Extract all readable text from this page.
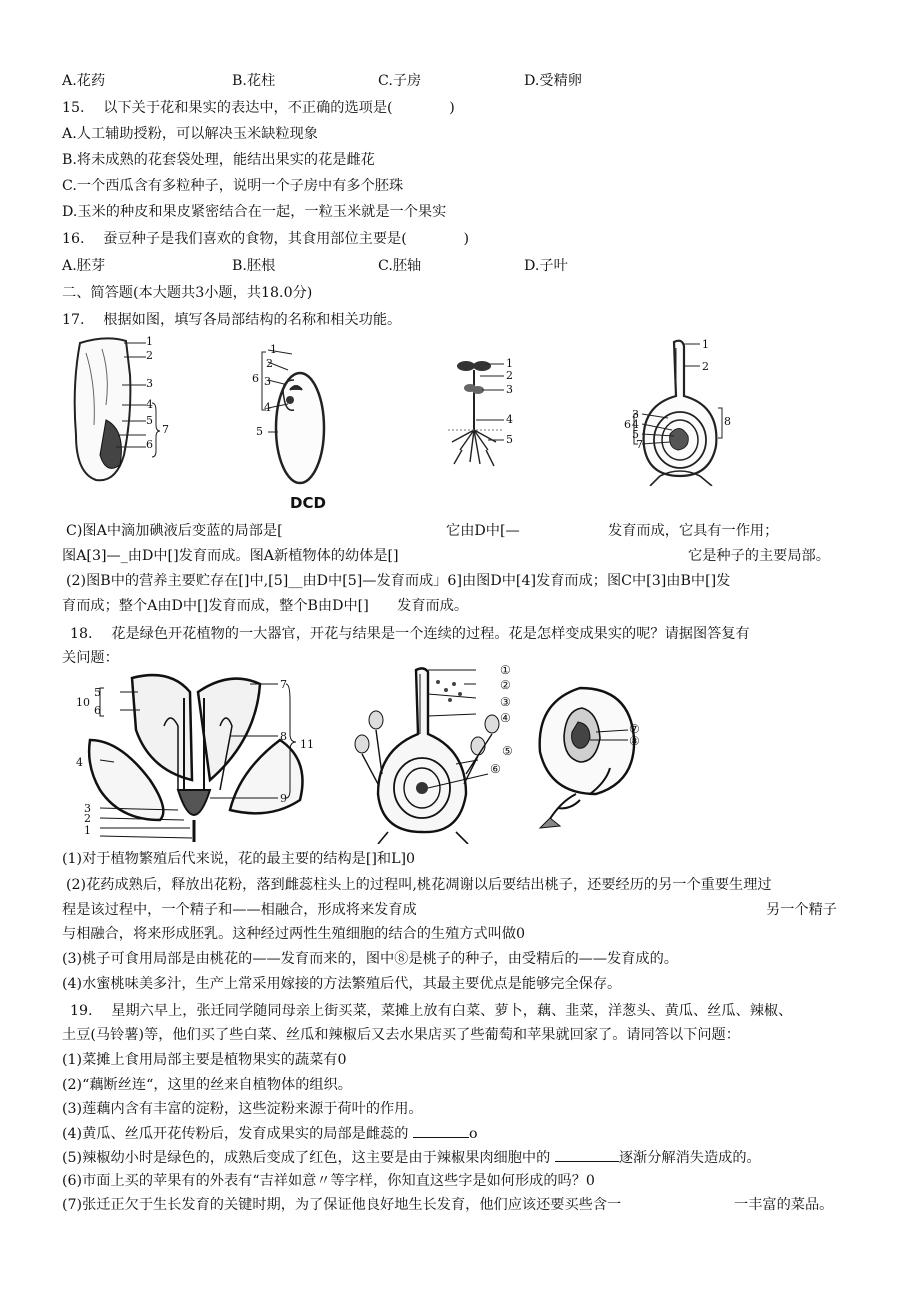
A.花药	B.花柱	C.子房	D.受精卵
15.　 以下关于花和果实的表达中，不正确的选项是(　　　　)
A.人工辅助授粉，可以解决玉米缺粒现象
B.将未成熟的花套袋处理，能结出果实的花是雌花
C.一个西瓜含有多粒种子，说明一个子房中有多个胚珠
D.玉米的种皮和果皮紧密结合在一起，一粒玉米就是一个果实
16.　 蚕豆种子是我们喜欢的食物，其食用部位主要是(　　　　)
A.胚芽	B.胚根	C.胚轴	D.子叶
二、简答题(本大题共3小题，共18.0分)
17.　 根据如图，填写各局部结构的名称和相关功能。
1
2
3
4
5
6
7
1
2
3
4
5
6
1
2
3
4
5
1
2
3
4
5
6
7
8
DCD
C)图A中滴加碘液后变蓝的局部是[	它由D中[—	发育而成，它具有一作用；
图A[3]—_由D中[]发育而成。图A新植物体的幼体是[]	它是种子的主要局部。
(2)图B中的营养主要贮存在[]中,[5]__由D中[5]—发育而成」6]由图D中[4]发育而成；图C中[3]由B中[]发
育而成；整个A由D中[]发育而成，整个B由D中[]　　发育而成。
18.　 花是绿色开花植物的一大器官，开花与结果是一个连续的过程。花是怎样变成果实的呢？请据图答复有
关问题：
5
6
10
4
3
2
1
7
8
9
11
①
②
③
④
⑤
⑥
⑦
⑧
(1)对于植物繁殖后代来说，花的最主要的结构是[]和L]0
(2)花药成熟后，释放出花粉，落到雌蕊柱头上的过程叫,桃花凋谢以后要结出桃子，还要经历的另一个重要生理过
程是该过程中，一个精子和——相融合，形成将来发育成	另一个精子
与相融合，将来形成胚乳。这种经过两性生殖细胞的结合的生殖方式叫做0
(3)桃子可食用局部是由桃花的——发育而来的，图中⑧是桃子的种子，由受精后的——发育成的。
(4)水蜜桃味美多汁，生产上常采用嫁接的方法繁殖后代，其最主要优点是能够完全保存。
19.　 星期六早上，张迁同学随同母亲上街买菜，菜摊上放有白菜、萝卜，藕、韭菜，洋葱头、黄瓜、丝瓜、辣椒、
土豆(马铃薯)等，他们买了些白菜、丝瓜和辣椒后又去水果店买了些葡萄和苹果就回家了。请同答以下问题：
(1)菜摊上食用局部主要是植物果实的蔬菜有0
(2)“藕断丝连“，这里的丝来自植物体的组织。
(3)莲藕内含有丰富的淀粉，这些淀粉来源于荷叶的作用。
(4)黄瓜、丝瓜开花传粉后，发育成果实的局部是雌蕊的	o
(5)辣椒幼小时是绿色的，成熟后变成了红色，这主要是由于辣椒果肉细胞中的	逐渐分解消失造成的。
(6)市面上买的苹果有的外表有“吉祥如意〃等字样，你知直这些字是如何形成的吗？0
(7)张迁正欠于生长发育的关键时期，为了保证他良好地生长发育，他们应该还要买些含一	一丰富的菜品。
